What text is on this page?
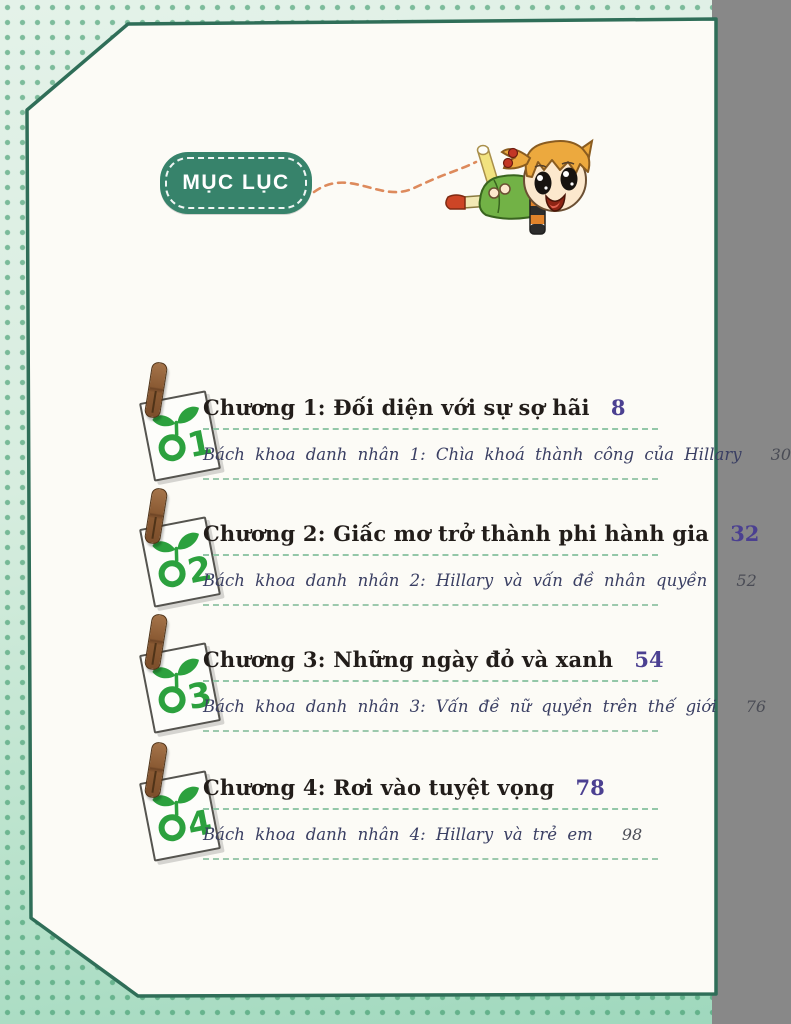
MỤC LỤC
1
Chương 1: Đối diện với sự sợ hãi 8
Bách khoa danh nhân 1: Chìa khoá thành công của Hillary 30
2
Chương 2: Giấc mơ trở thành phi hành gia 32
Bách khoa danh nhân 2: Hillary và vấn đề nhân quyền 52
3
Chương 3: Những ngày đỏ và xanh 54
Bách khoa danh nhân 3: Vấn đề nữ quyền trên thế giới 76
4
Chương 4: Rơi vào tuyệt vọng 78
Bách khoa danh nhân 4: Hillary và trẻ em 98
